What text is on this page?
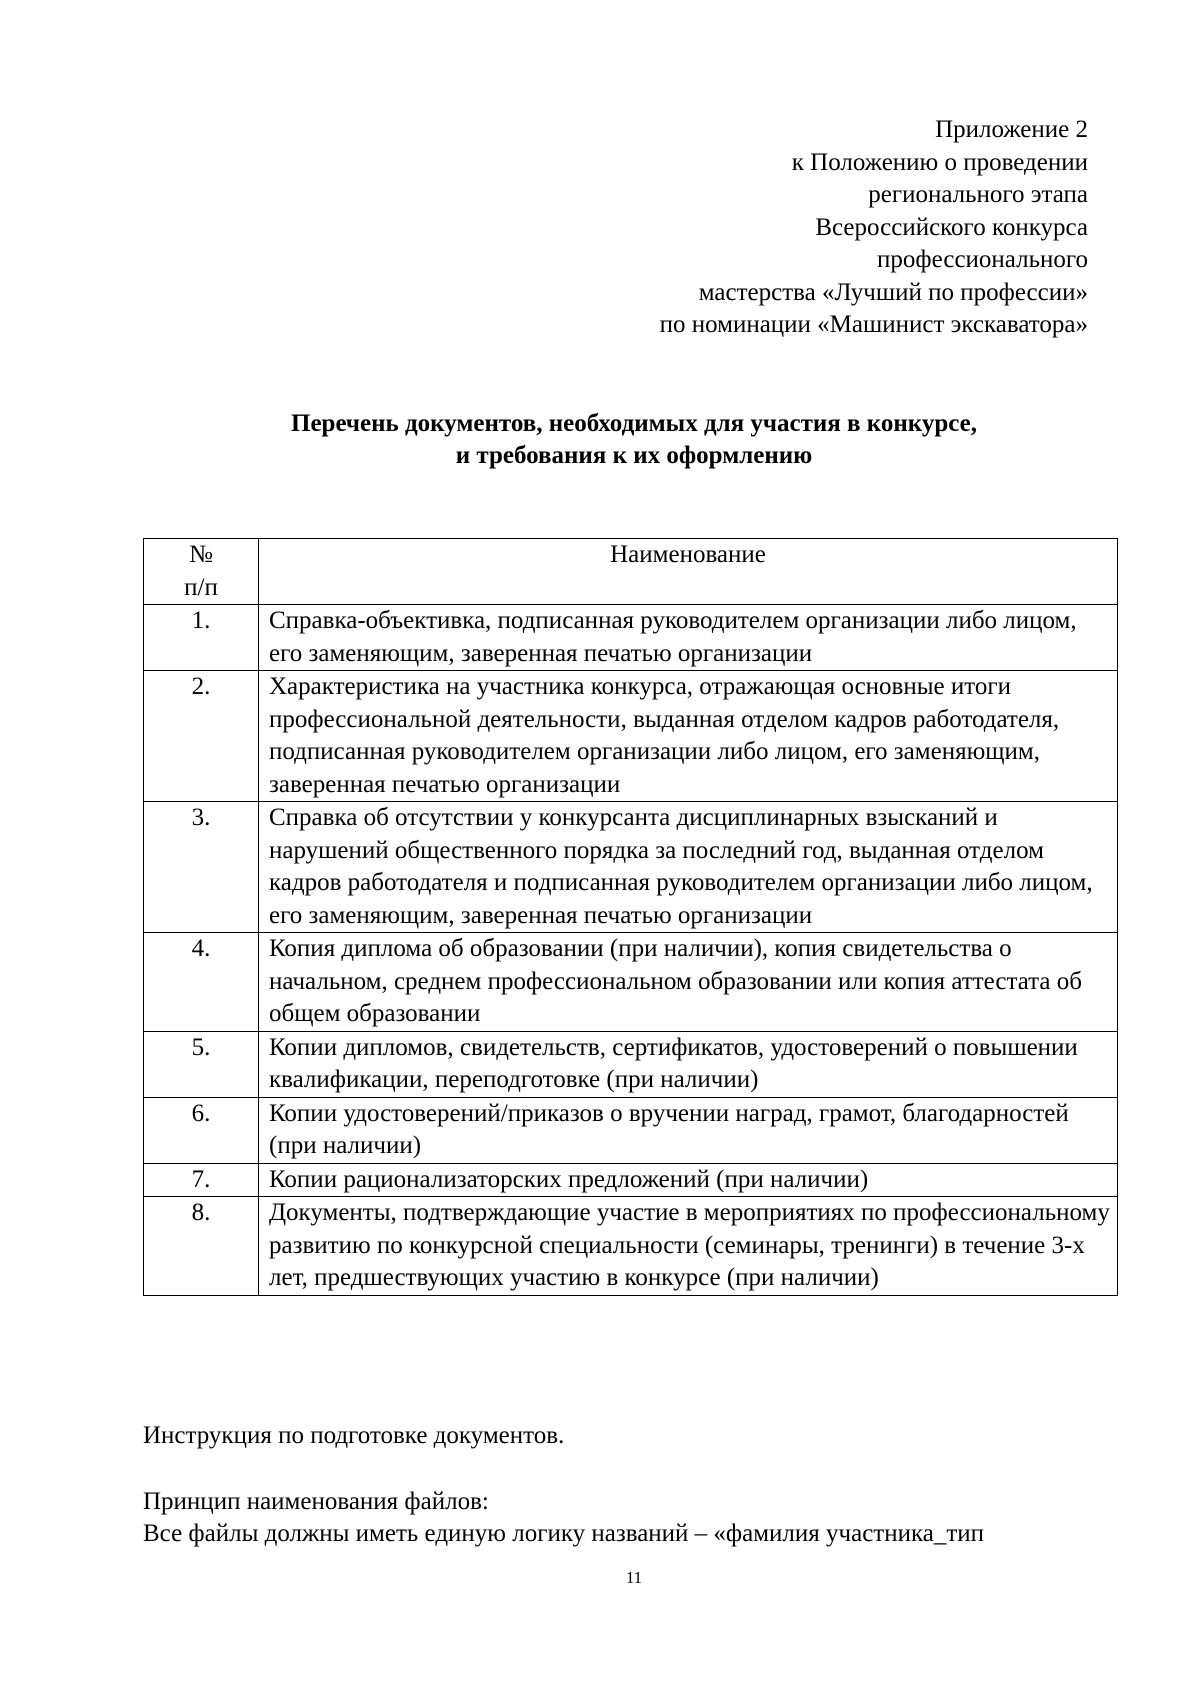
Приложение 2
к Положению о проведении
регионального этапа
Всероссийского конкурса
профессионального
мастерства «Лучший по профессии»
по номинации «Машинист экскаватора»
Перечень документов, необходимых для участия в конкурсе,
и требования к их оформлению
№
п/п	Наименование
1.	Справка-объективка, подписанная руководителем организации либо лицом, его заменяющим, заверенная печатью организации
2.	Характеристика на участника конкурса, отражающая основные итоги профессиональной деятельности, выданная отделом кадров работодателя, подписанная руководителем организации либо лицом, его заменяющим, заверенная печатью организации
3.	Справка об отсутствии у конкурсанта дисциплинарных взысканий и нарушений общественного порядка за последний год, выданная отделом кадров работодателя и подписанная руководителем организации либо лицом, его заменяющим, заверенная печатью организации
4.	Копия диплома об образовании (при наличии), копия свидетельства о начальном, среднем профессиональном образовании или копия аттестата об общем образовании
5.	Копии дипломов, свидетельств, сертификатов, удостоверений о повышении квалификации, переподготовке (при наличии)
6.	Копии удостоверений/приказов о вручении наград, грамот, благодарностей (при наличии)
7.	Копии рационализаторских предложений (при наличии)
8.	Документы, подтверждающие участие в мероприятиях по профессиональному развитию по конкурсной специальности (семинары, тренинги) в течение 3-х лет, предшествующих участию в конкурсе (при наличии)
Инструкция по подготовке документов.
Принцип наименования файлов:
Все файлы должны иметь единую логику названий – «фамилия участника_тип
11
